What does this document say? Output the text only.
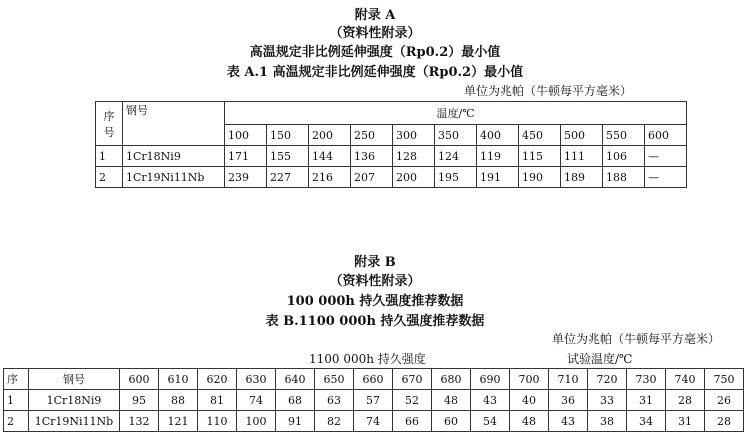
附录 A
（资料性附录）
高温规定非比例延伸强度（Rp0.2）最小值
表 A.1 高温规定非比例延伸强度（Rp0.2）最小值
单位为兆帕（牛顿每平方毫米）
序号	钢号	温度/℃										
		100	150	200	250	300	350	400	450	500	550	600
1	1Cr18Ni9	171	155	144	136	128	124	119	115	111	106	—
2	1Cr19Ni11Nb	239	227	216	207	200	195	191	190	189	188	—
附录 B
（资料性附录）
100 000h 持久强度推荐数据
表 B.1100 000h 持久强度推荐数据
单位为兆帕（牛顿每平方毫米）
1100 000h 持久强度	试验温度/℃
序	钢号	600	610	620	630	640	650	660	670	680	690	700	710	720	730	740	750
1	1Cr18Ni9	95	88	81	74	68	63	57	52	48	43	40	36	33	31	28	26
2	1Cr19Ni11Nb	132	121	110	100	91	82	74	66	60	54	48	43	38	34	31	28
